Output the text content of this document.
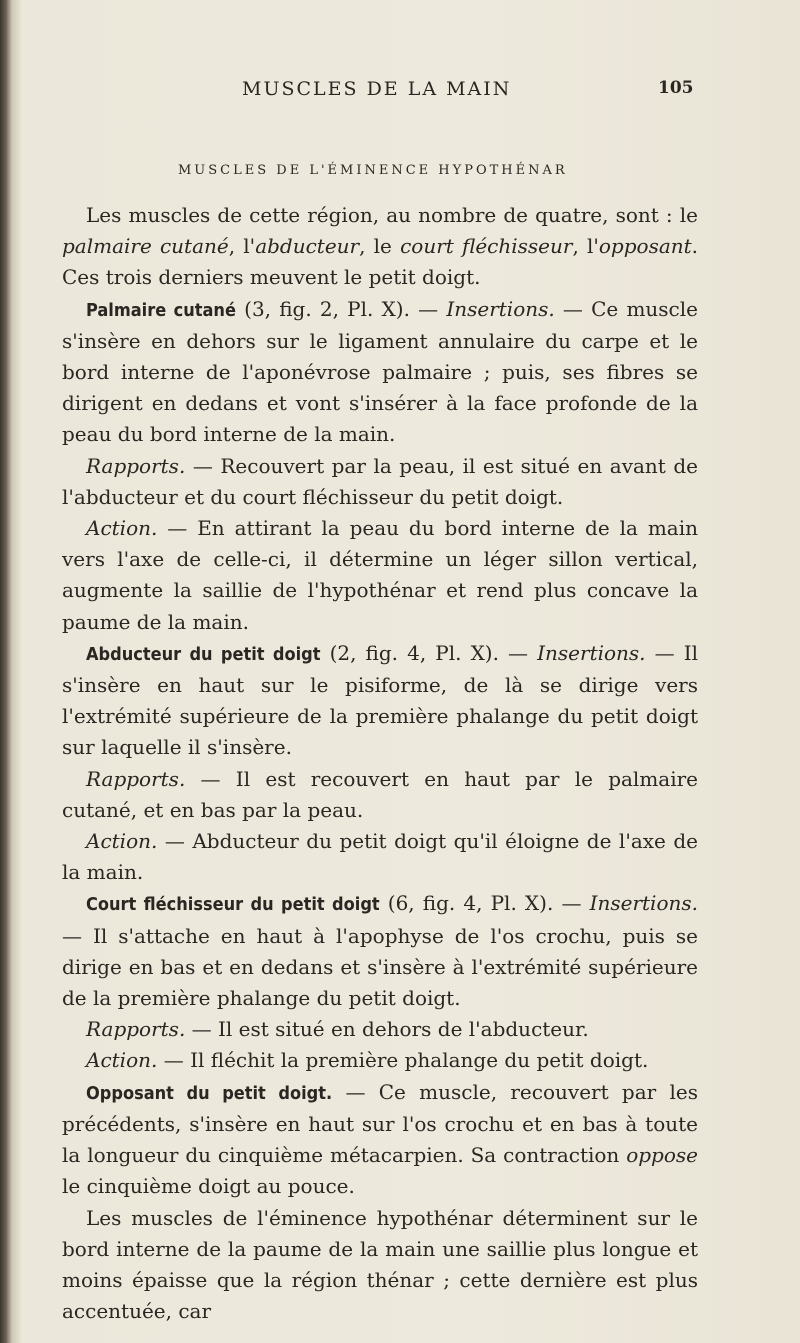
MUSCLES DE LA MAIN	105
MUSCLES DE L'ÉMINENCE HYPOTHÉNAR

Les muscles de cette région, au nombre de quatre, sont : le palmaire cutané, l'abducteur, le court fléchisseur, l'opposant. Ces trois derniers meuvent le petit doigt.

Palmaire cutané (3, fig. 2, Pl. X). — Insertions. — Ce muscle s'insère en dehors sur le ligament annulaire du carpe et le bord interne de l'aponévrose palmaire ; puis, ses fibres se dirigent en dedans et vont s'insérer à la face profonde de la peau du bord interne de la main.

Rapports. — Recouvert par la peau, il est situé en avant de l'abducteur et du court fléchisseur du petit doigt.

Action. — En attirant la peau du bord interne de la main vers l'axe de celle-ci, il détermine un léger sillon vertical, augmente la saillie de l'hypothénar et rend plus concave la paume de la main.

Abducteur du petit doigt (2, fig. 4, Pl. X). — Insertions. — Il s'insère en haut sur le pisiforme, de là se dirige vers l'extrémité supérieure de la première phalange du petit doigt sur laquelle il s'insère.

Rapports. — Il est recouvert en haut par le palmaire cutané, et en bas par la peau.

Action. — Abducteur du petit doigt qu'il éloigne de l'axe de la main.

Court fléchisseur du petit doigt (6, fig. 4, Pl. X). — Insertions. — Il s'attache en haut à l'apophyse de l'os crochu, puis se dirige en bas et en dedans et s'insère à l'extrémité supérieure de la première phalange du petit doigt.

Rapports. — Il est situé en dehors de l'abducteur.

Action. — Il fléchit la première phalange du petit doigt.

Opposant du petit doigt. — Ce muscle, recouvert par les précédents, s'insère en haut sur l'os crochu et en bas à toute la longueur du cinquième métacarpien. Sa contraction oppose le cinquième doigt au pouce.

Les muscles de l'éminence hypothénar déterminent sur le bord interne de la paume de la main une saillie plus longue et moins épaisse que la région thénar ; cette dernière est plus accentuée, car
